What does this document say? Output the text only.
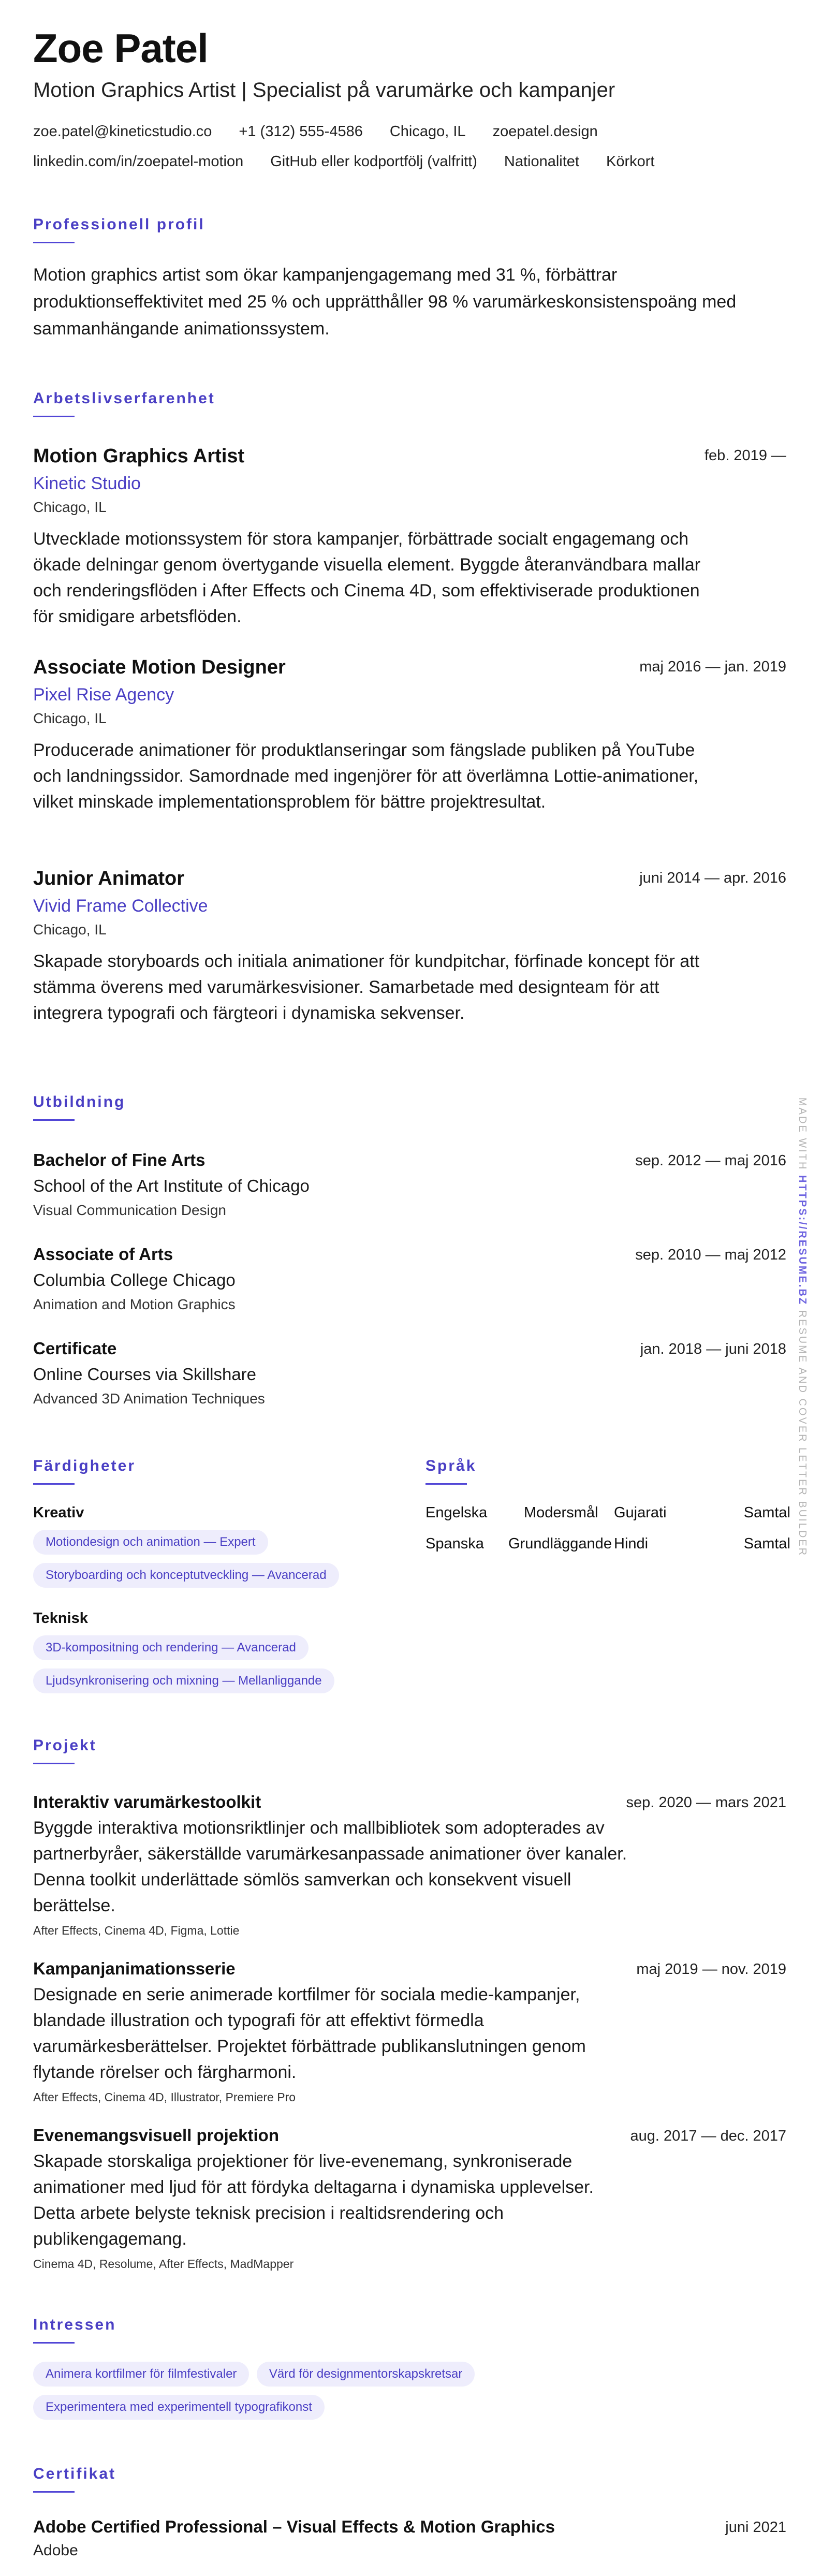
Zoe Patel
Motion Graphics Artist | Specialist på varumärke och kampanjer
zoe.patel@kineticstudio.co +1 (312) 555-4586 Chicago, IL zoepatel.design
linkedin.com/in/zoepatel-motion GitHub eller kodportfölj (valfritt) Nationalitet Körkort
Professionell profil
Motion graphics artist som ökar kampanjengagemang med 31 %, förbättrar produktionseffektivitet med 25 % och upprätthåller 98 % varumärkeskonsistenspoäng med sammanhängande animationssystem.
Arbetslivserfarenhet
Motion Graphics Artist	feb. 2019 —
Kinetic Studio
Chicago, IL
Utvecklade motionssystem för stora kampanjer, förbättrade socialt engagemang och ökade delningar genom övertygande visuella element. Byggde återanvändbara mallar och renderingsflöden i After Effects och Cinema 4D, som effektiviserade produktionen för smidigare arbetsflöden.
Associate Motion Designer	maj 2016 — jan. 2019
Pixel Rise Agency
Chicago, IL
Producerade animationer för produktlanseringar som fängslade publiken på YouTube och landningssidor. Samordnade med ingenjörer för att överlämna Lottie-animationer, vilket minskade implementationsproblem för bättre projektresultat.
Junior Animator	juni 2014 — apr. 2016
Vivid Frame Collective
Chicago, IL
Skapade storyboards och initiala animationer för kundpitchar, förfinade koncept för att stämma överens med varumärkesvisioner. Samarbetade med designteam för att integrera typografi och färgteori i dynamiska sekvenser.
Utbildning
Bachelor of Fine Arts	sep. 2012 — maj 2016
School of the Art Institute of Chicago
Visual Communication Design
Associate of Arts	sep. 2010 — maj 2012
Columbia College Chicago
Animation and Motion Graphics
Certificate	jan. 2018 — juni 2018
Online Courses via Skillshare
Advanced 3D Animation Techniques
Färdigheter
Kreativ
Motiondesign och animation — Expert
Storyboarding och konceptutveckling — Avancerad
Teknisk
3D-kompositning och rendering — Avancerad
Ljudsynkronisering och mixning — Mellanliggande
Språk
Engelska Modersmål Gujarati	Samtal
Spanska Grundläggande Hindi	Samtal
Projekt
Interaktiv varumärkestoolkit	sep. 2020 — mars 2021
Byggde interaktiva motionsriktlinjer och mallbibliotek som adopterades av partnerbyråer, säkerställde varumärkesanpassade animationer över kanaler. Denna toolkit underlättade sömlös samverkan och konsekvent visuell berättelse.
After Effects, Cinema 4D, Figma, Lottie
Kampanjanimationsserie	maj 2019 — nov. 2019
Designade en serie animerade kortfilmer för sociala medie-kampanjer, blandade illustration och typografi för att effektivt förmedla varumärkesberättelser. Projektet förbättrade publikanslutningen genom flytande rörelser och färgharmoni.
After Effects, Cinema 4D, Illustrator, Premiere Pro
Evenemangsvisuell projektion	aug. 2017 — dec. 2017
Skapade storskaliga projektioner för live-evenemang, synkroniserade animationer med ljud för att fördyka deltagarna i dynamiska upplevelser. Detta arbete belyste teknisk precision i realtidsrendering och publikengagemang.
Cinema 4D, Resolume, After Effects, MadMapper
Intressen
Animera kortfilmer för filmfestivaler	Värd för designmentorskapskretsar
Experimentera med experimentell typografikonst
Certifikat
Adobe Certified Professional – Visual Effects & Motion Graphics	juni 2021
Adobe
MADE WITH HTTPS://RESUME.BZ RESUME AND COVER LETTER BUILDER
